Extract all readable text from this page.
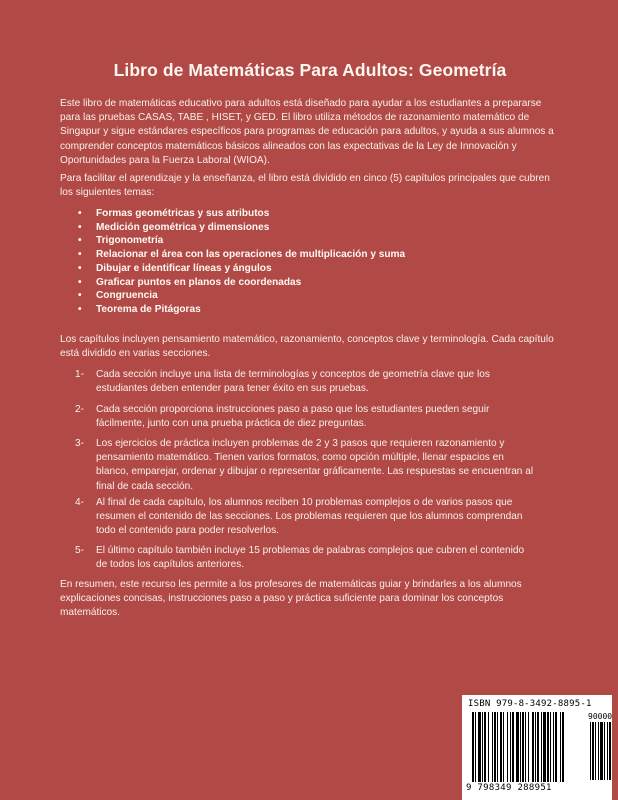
Libro de Matemáticas Para Adultos: Geometría

Este libro de matemáticas educativo para adultos está diseñado para ayudar a los estudiantes a prepararse para las pruebas CASAS, TABE , HISET, y GED. El libro utiliza métodos de razonamiento matemático de Singapur y sigue estándares específicos para programas de educación para adultos, y ayuda a sus alumnos a comprender conceptos matemáticos básicos alineados con las expectativas de la Ley de Innovación y Oportunidades para la Fuerza Laboral (WIOA).

Para facilitar el aprendizaje y la enseñanza, el libro está dividido en cinco (5) capítulos principales que cubren los siguientes temas:

• Formas geométricas y sus atributos
• Medición geométrica y dimensiones
• Trigonometría
• Relacionar el área con las operaciones de multiplicación y suma
• Dibujar e identificar líneas y ángulos
• Graficar puntos en planos de coordenadas
• Congruencia
• Teorema de Pitágoras

Los capítulos incluyen pensamiento matemático, razonamiento, conceptos clave y terminología. Cada capítulo está dividido en varias secciones.

1- Cada sección incluye una lista de terminologías y conceptos de geometría clave que los estudiantes deben entender para tener éxito en sus pruebas.
2- Cada sección proporciona instrucciones paso a paso que los estudiantes pueden seguir fácilmente, junto con una prueba práctica de diez preguntas.
3- Los ejercicios de práctica incluyen problemas de 2 y 3 pasos que requieren razonamiento y pensamiento matemático. Tienen varios formatos, como opción múltiple, llenar espacios en blanco, emparejar, ordenar y dibujar o representar gráficamente. Las respuestas se encuentran al final de cada sección.
4- Al final de cada capítulo, los alumnos reciben 10 problemas complejos o de varios pasos que resumen el contenido de las secciones. Los problemas requieren que los alumnos comprendan todo el contenido para poder resolverlos.
5- El último capítulo también incluye 15 problemas de palabras complejos que cubren el contenido de todos los capítulos anteriores.

En resumen, este recurso les permite a los profesores de matemáticas guiar y brindarles a los alumnos explicaciones concisas, instrucciones paso a paso y práctica suficiente para dominar los conceptos matemáticos.

ISBN 979-8-3492-8895-1
90000
9 798349 288951
